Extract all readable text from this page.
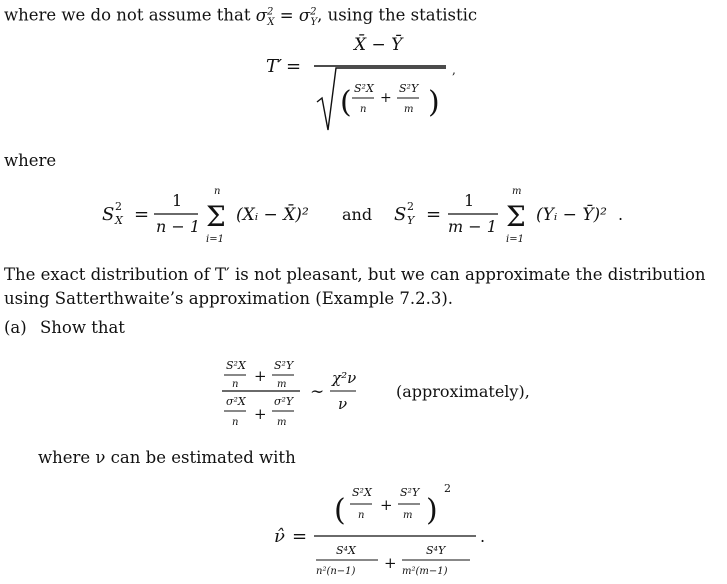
where we do not assume that $\sigma^2_X = \sigma^2_Y$, using the statistic
T′ =
X̄ − Ȳ
(	)
S²X
n
+
S²Y
m
,
where
S 2
X =
1
n − 1 Σ
n
i=1
(Xᵢ − X̄)² and S 2
Y =
1
m − 1 Σ
m
i=1
(Yᵢ − Ȳ)² .
The exact distribution of T′ is not pleasant, but we can approximate the distribution
using Satterthwaite’s approximation (Example 7.2.3).
(a) Show that
S²X
n +
S²Y
m
σ²X
n +
σ²Y
m
∼
χ²ν
ν
(approximately),
where ν can be estimated with
ν̂ =
(
S²X
n
+
S²Y
m )
2
S⁴X
n²(n−1) +
S⁴Y
m²(m−1)
.
